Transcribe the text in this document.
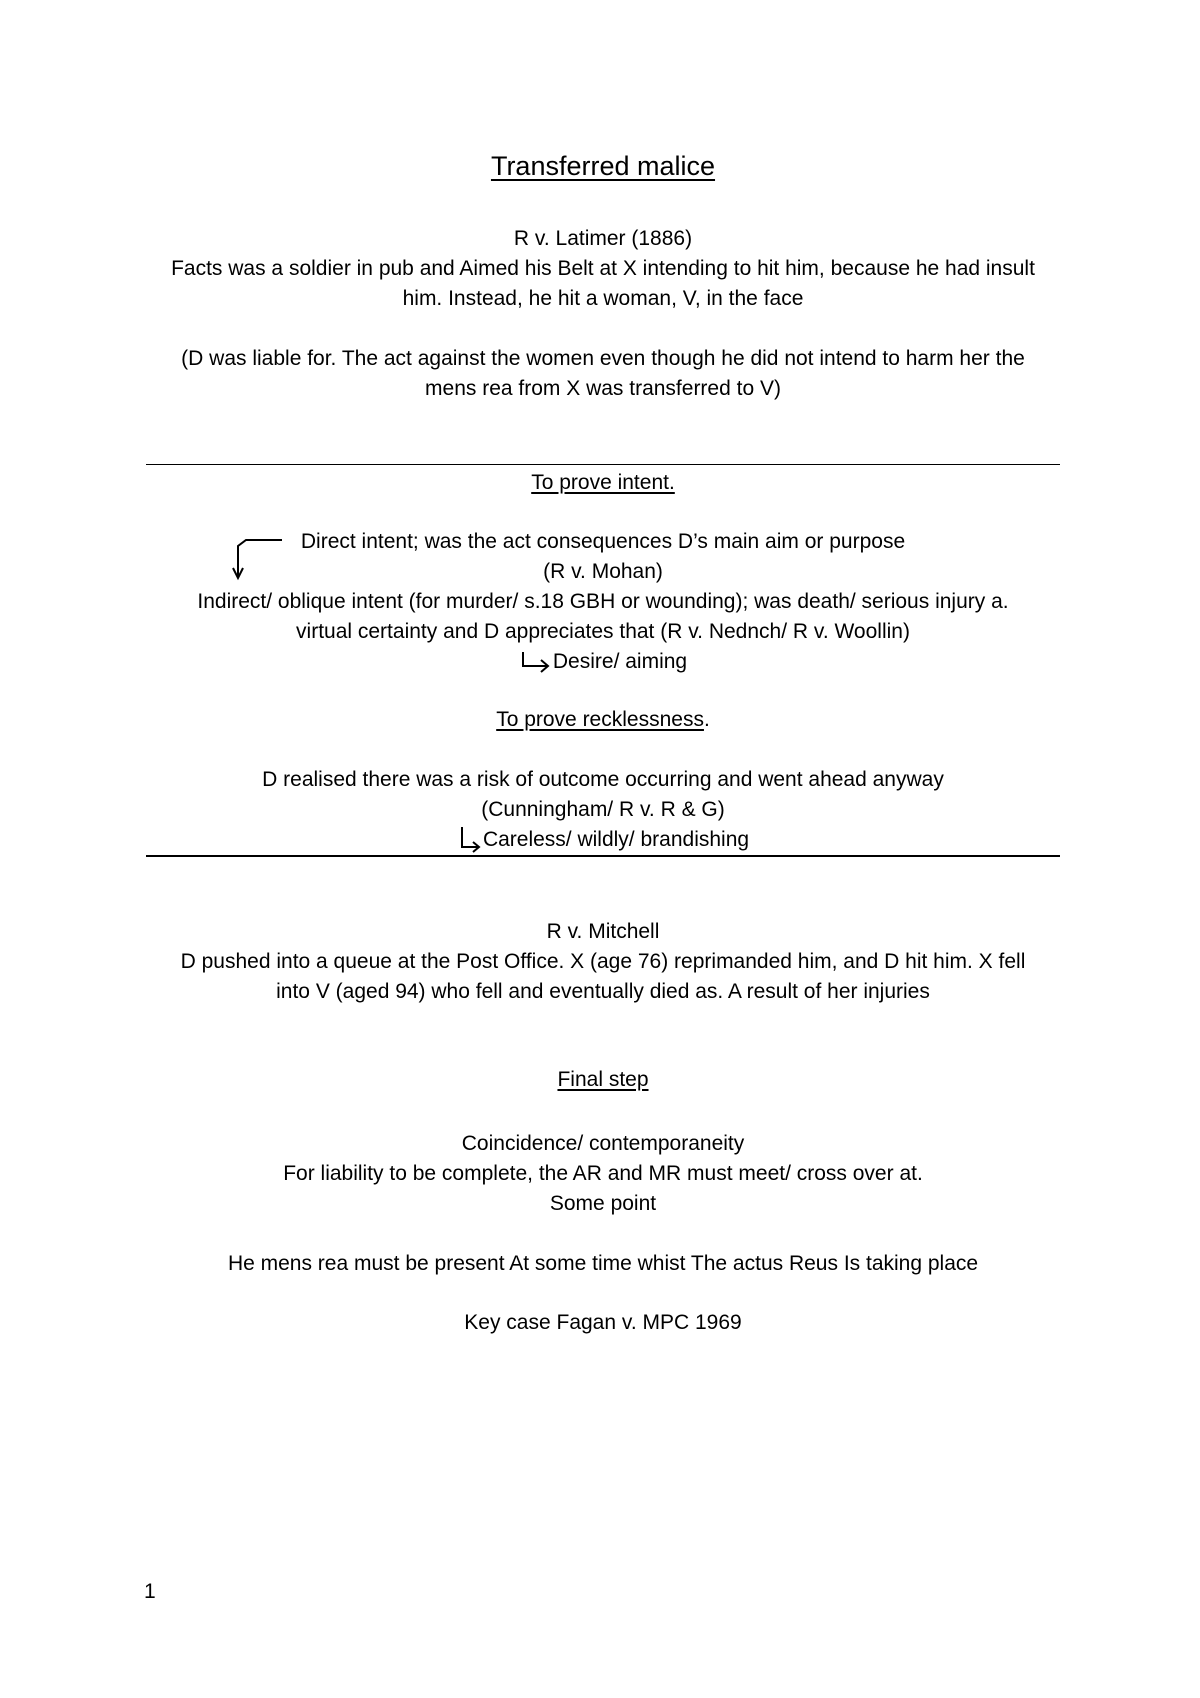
Transferred malice
R v. Latimer (1886)
Facts was a soldier in pub and Aimed his Belt at X intending to hit him, because he had insult
him. Instead, he hit a woman, V, in the face
(D was liable for. The act against the women even though he did not intend to harm her the
mens rea from X was transferred to V)
To prove intent.
Direct intent; was the act consequences D’s main aim or purpose
(R v. Mohan)
Indirect/ oblique intent (for murder/ s.18 GBH or wounding); was death/ serious injury a.
virtual certainty and D appreciates that (R v. Nednch/ R v. Woollin)
Desire/ aiming
To prove recklessness.
D realised there was a risk of outcome occurring and went ahead anyway
(Cunningham/ R v. R & G)
Careless/ wildly/ brandishing
R v. Mitchell
D pushed into a queue at the Post Office. X (age 76) reprimanded him, and D hit him. X fell
into V (aged 94) who fell and eventually died as. A result of her injuries
Final step
Coincidence/ contemporaneity
For liability to be complete, the AR and MR must meet/ cross over at.
Some point
He mens rea must be present At some time whist The actus Reus Is taking place
Key case Fagan v. MPC 1969
1
